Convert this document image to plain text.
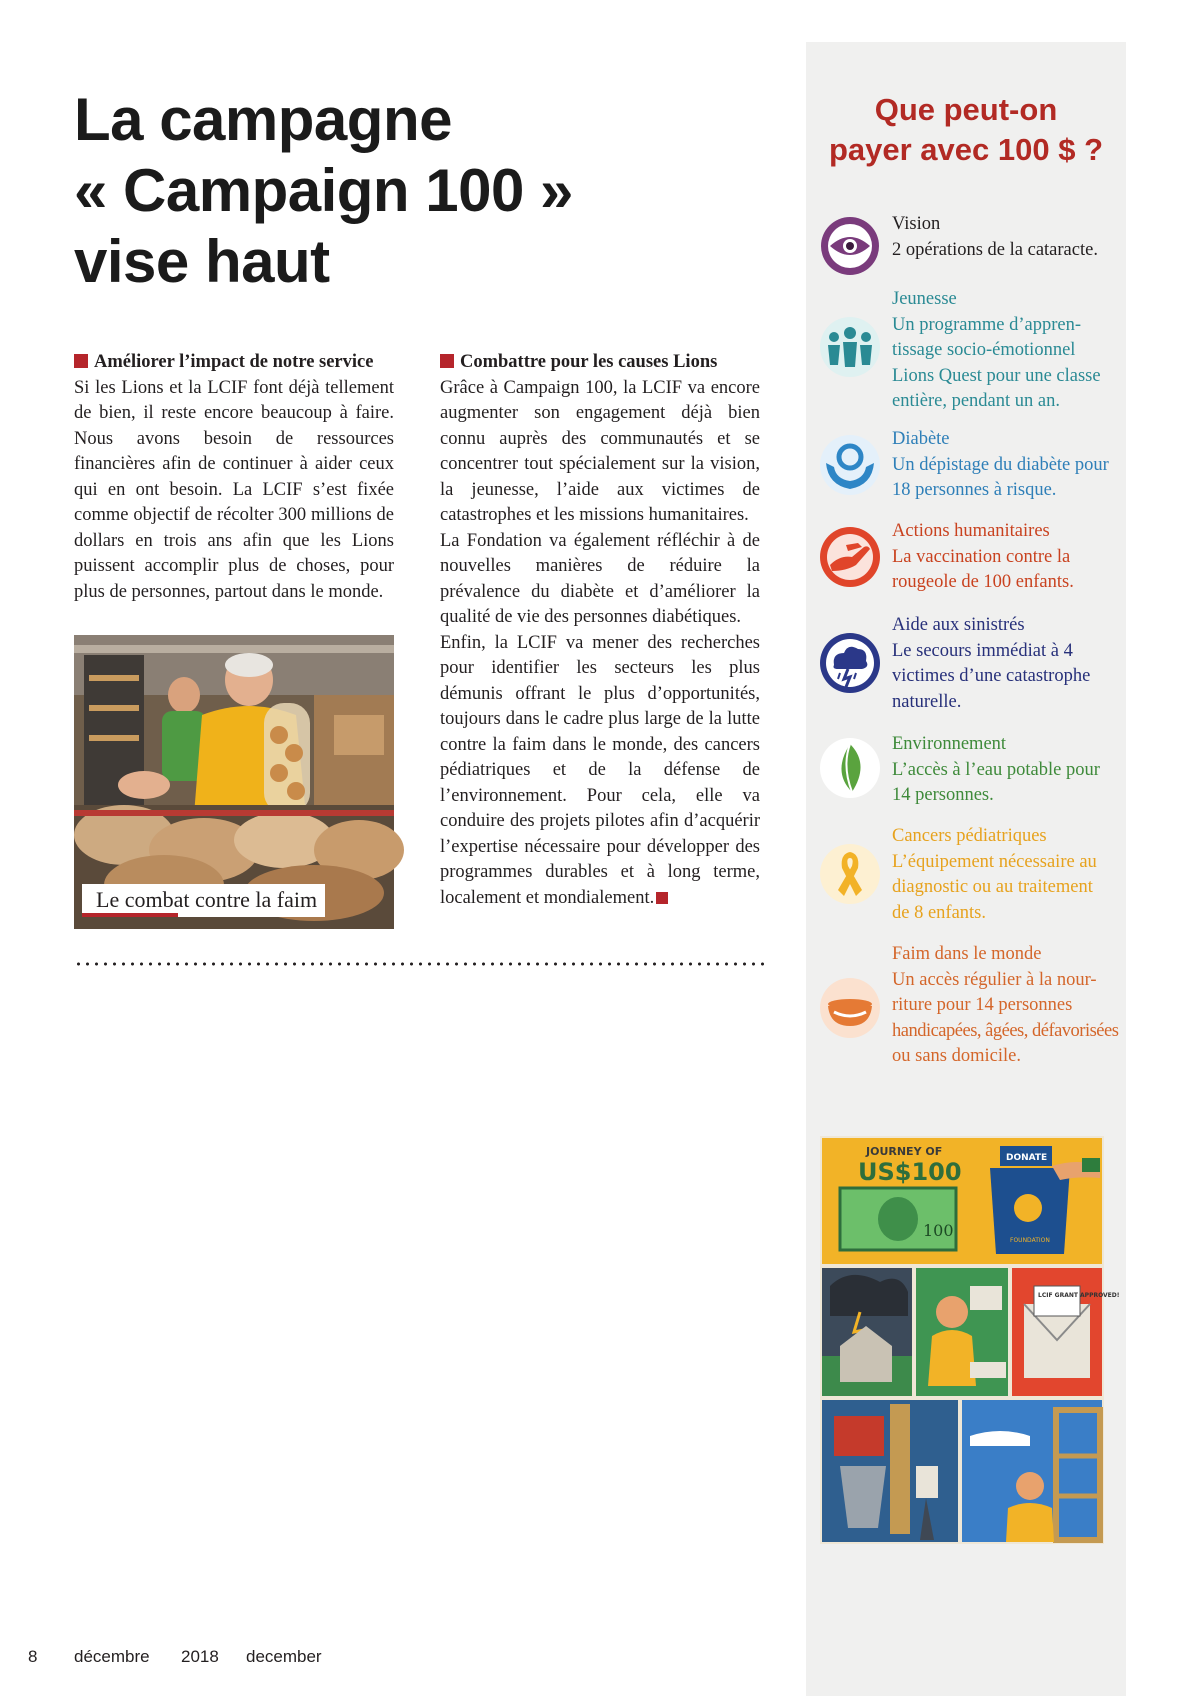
La campagne
« Campaign 100 »
vise haut
Améliorer l’impact de notre service

Si les Lions et la LCIF font déjà tellement de bien, il reste encore beaucoup à faire. Nous avons besoin de ressources financières afin de continuer à aider ceux qui en ont besoin. La LCIF s’est fixée comme objectif de récolter 300 millions de dollars en trois ans afin que les Lions puissent accomplir plus de choses, pour plus de personnes, partout dans le monde.

Le combat contre la faim
Combattre pour les causes Lions

Grâce à Campaign 100, la LCIF va encore augmenter son engagement déjà bien connu auprès des communautés et se concentrer tout spécialement sur la vision, la jeunesse, l’aide aux victimes de catastrophes et les missions humanitaires.

La Fondation va également réfléchir à de nouvelles manières de réduire la prévalence du diabète et d’améliorer la qualité de vie des personnes diabétiques.

Enfin, la LCIF va mener des recherches pour identifier les secteurs les plus démunis offrant le plus d’opportunités, toujours dans le cadre plus large de la lutte contre la faim dans le monde, des cancers pédiatriques et de la défense de l’environnement. Pour cela, elle va conduire des projets pilotes afin d’acquérir l’expertise nécessaire pour développer des programmes durables et à long terme, localement et mondialement.

Que peut-on
payer avec 100 $ ?
Vision
2 opérations de la cataracte.
Jeunesse
Un programme d’appren-
tissage socio-émotionnel
Lions Quest pour une classe
entière, pendant un an.
Diabète
Un dépistage du diabète pour
18 personnes à risque.
Actions humanitaires
La vaccination contre la
rougeole de 100 enfants.
Aide aux sinistrés
Le secours immédiat à 4
victimes d’une catastrophe
naturelle.
Environnement
L’accès à l’eau potable pour
14 personnes.
Cancers pédiatriques
L’équipement nécessaire au
diagnostic ou au traitement
de 8 enfants.
Faim dans le monde
Un accès régulier à la nour-
riture pour 14 personnes
handicapées, âgées, défavorisées
ou sans domicile.
JOURNEY OF
US$100
100
DONATE
FOUNDATION
LCIF GRANT APPROVED!
8 décembre 2018 december
